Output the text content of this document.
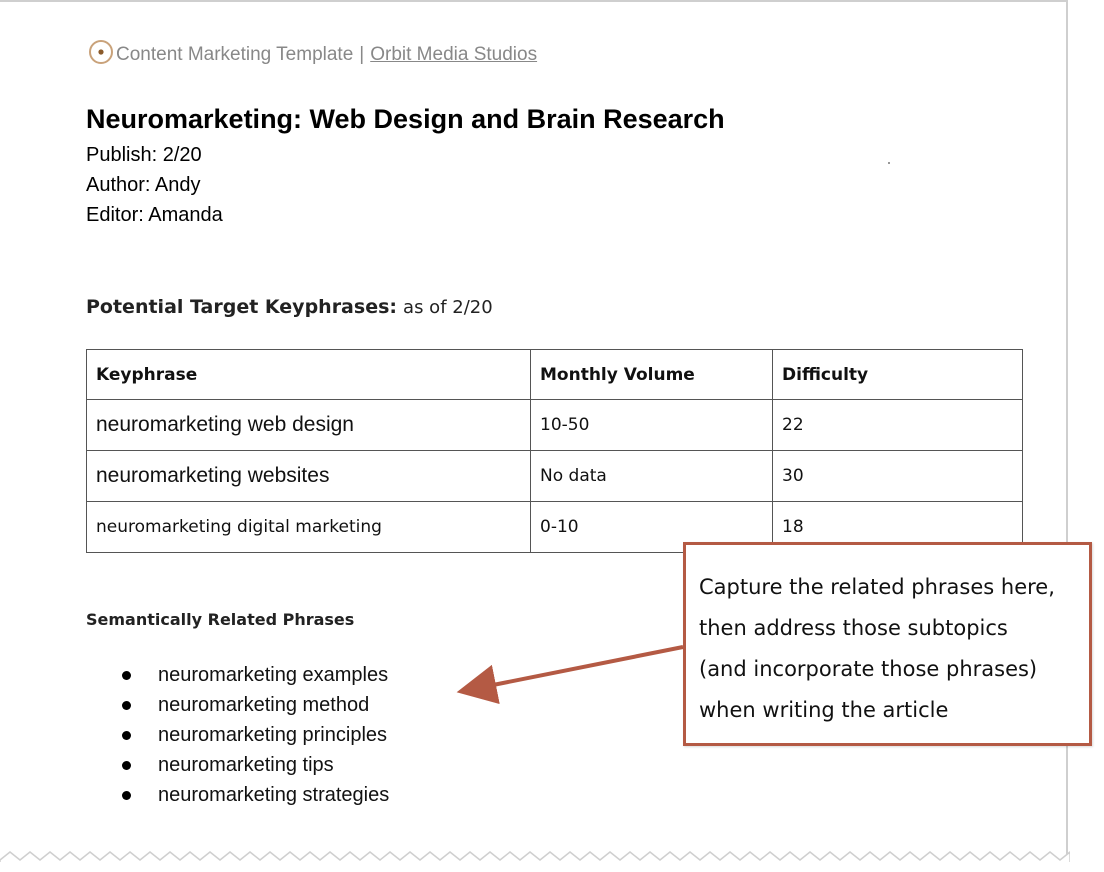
Content Marketing Template | Orbit Media Studios
Neuromarketing: Web Design and Brain Research
Publish: 2/20
Author: Andy
Editor: Amanda
Potential Target Keyphrases: as of 2/20
Keyphrase	Monthly Volume	Difficulty
neuromarketing web design	10-50	22
neuromarketing websites	No data	30
neuromarketing digital marketing	0-10	18
Semantically Related Phrases
neuromarketing examples
neuromarketing method
neuromarketing principles
neuromarketing tips
neuromarketing strategies
Capture the related phrases here,
then address those subtopics
(and incorporate those phrases)
when writing the article
